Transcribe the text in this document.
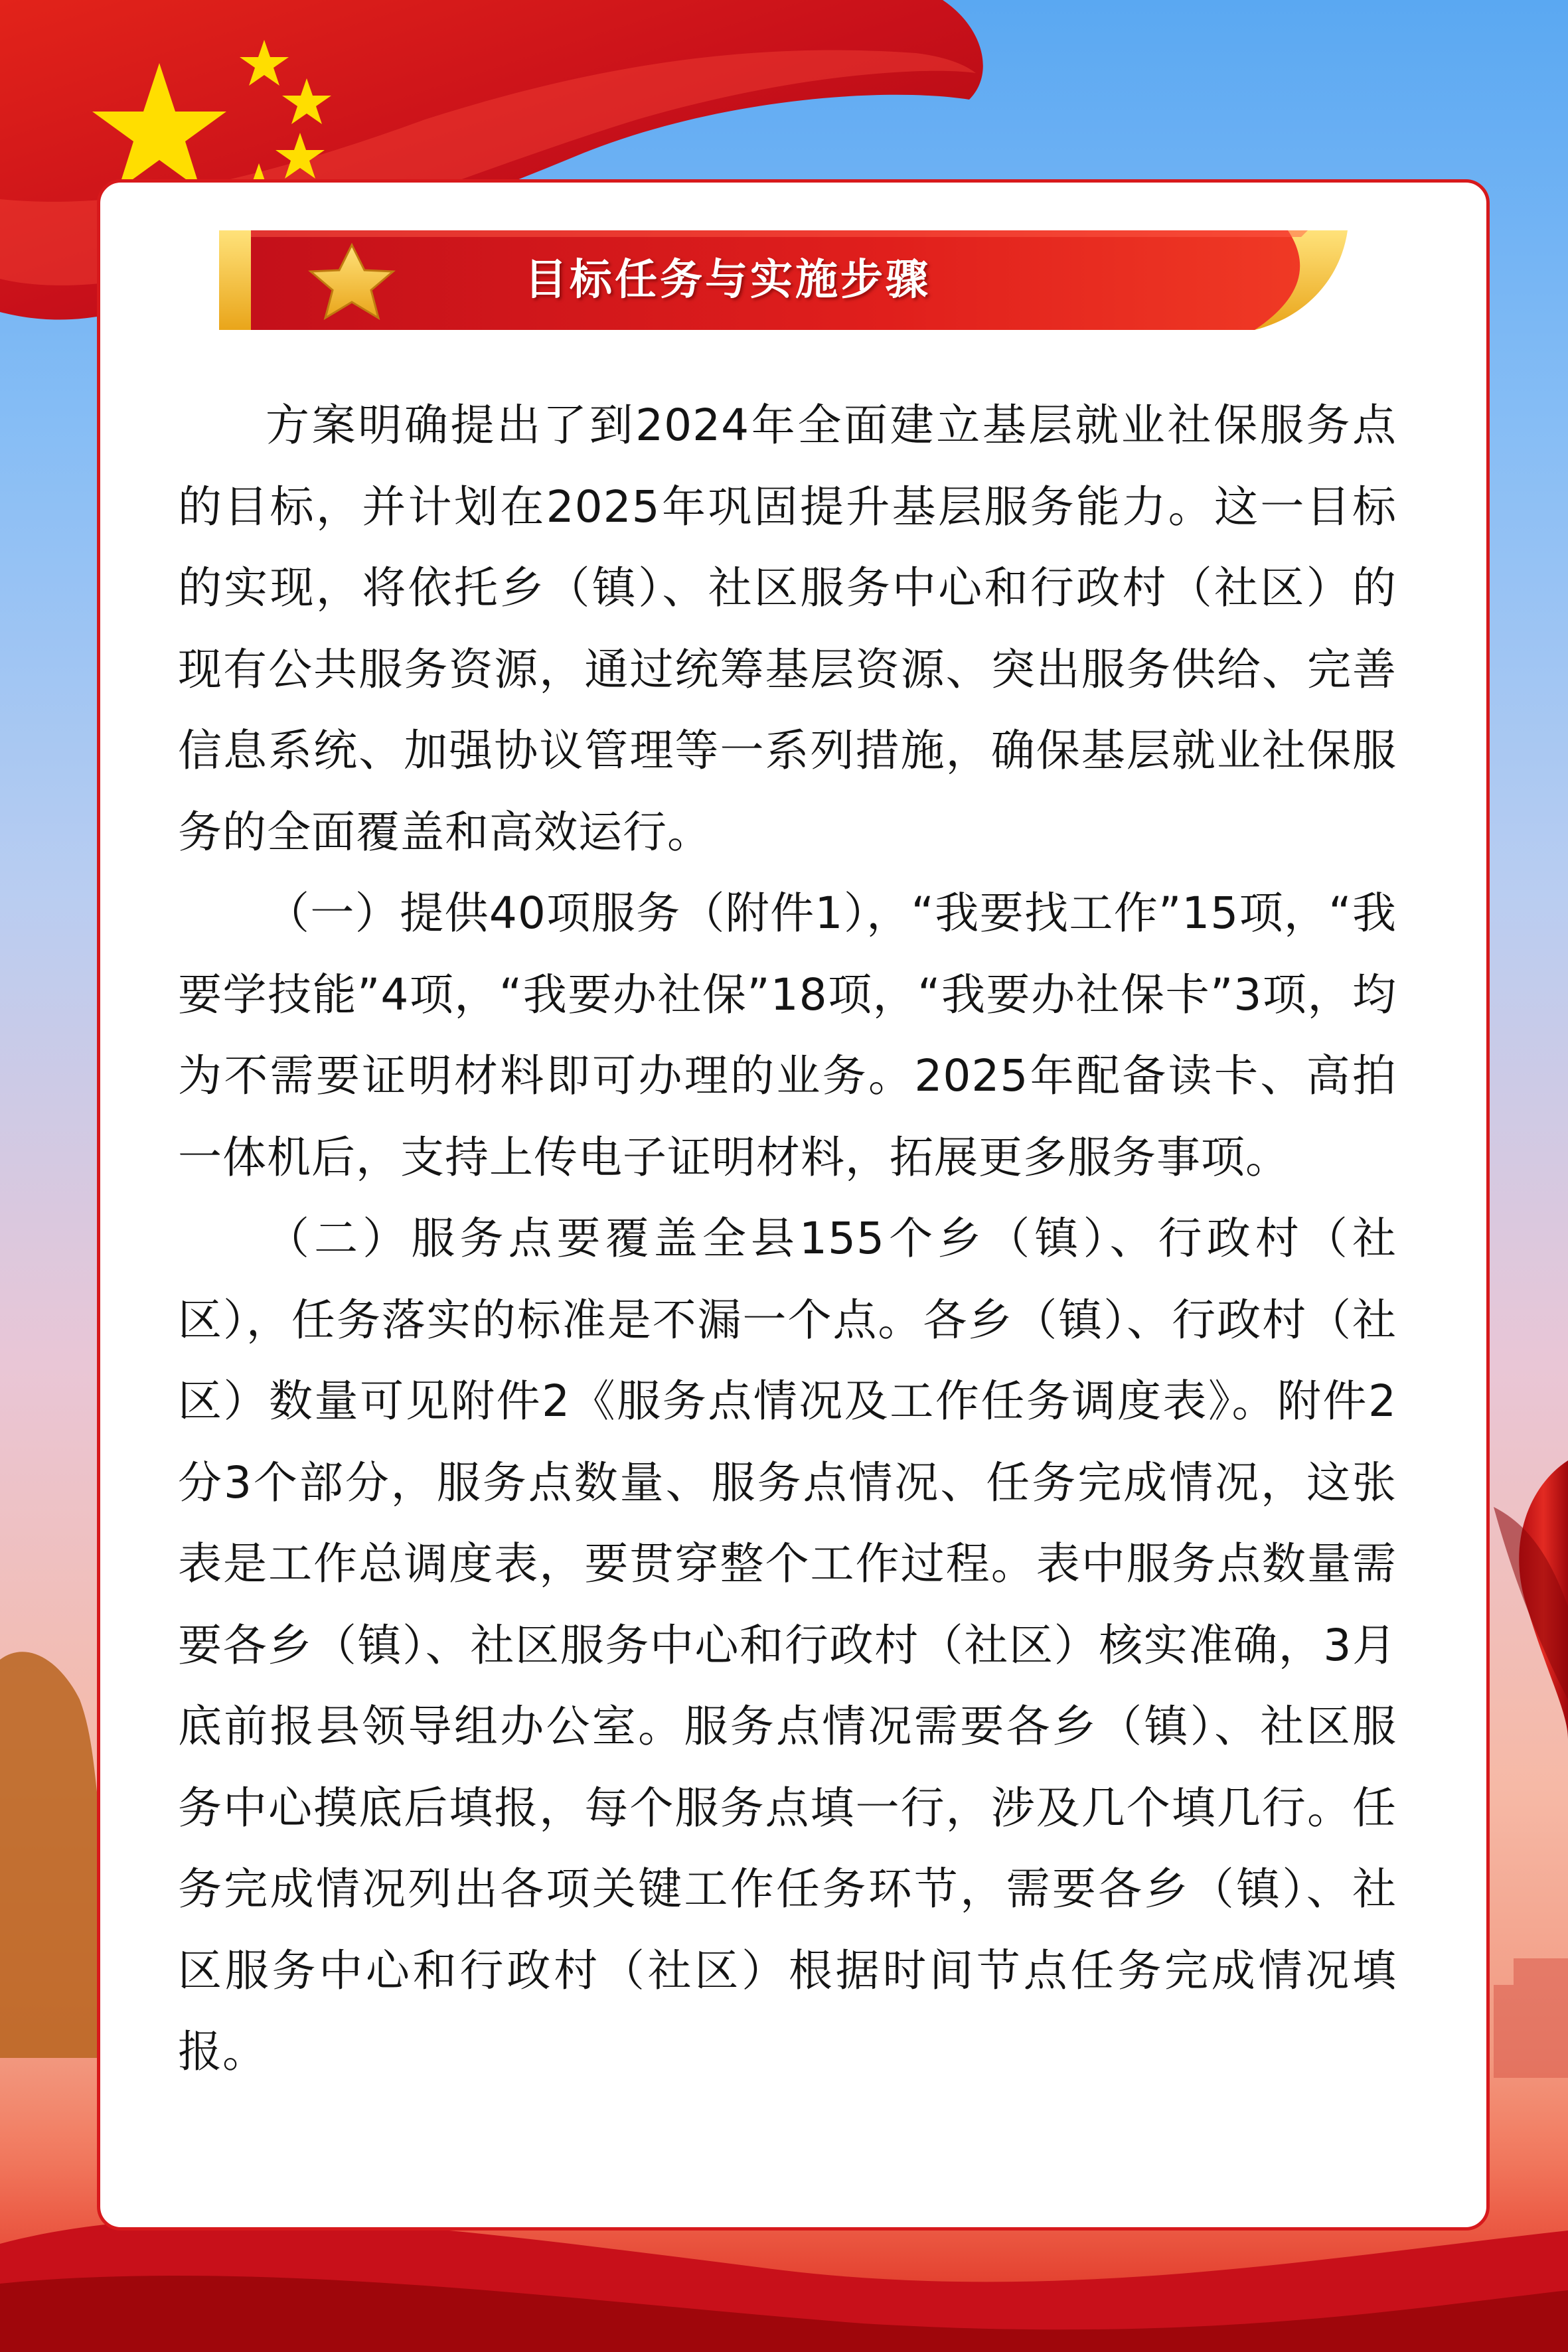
目标任务与实施步骤

方案明确提出了到2024年全面建立基层就业社保服务点的目标，并计划在2025年巩固提升基层服务能力。这一目标的实现，将依托乡（镇）、社区服务中心和行政村（社区）的现有公共服务资源，通过统筹基层资源、突出服务供给、完善信息系统、加强协议管理等一系列措施，确保基层就业社保服务的全面覆盖和高效运行。

（一）提供40项服务（附件1），“我要找工作”15项，“我要学技能”4项，“我要办社保”18项，“我要办社保卡”3项，均为不需要证明材料即可办理的业务。2025年配备读卡、高拍一体机后，支持上传电子证明材料，拓展更多服务事项。

（二）服务点要覆盖全县155个乡（镇）、行政村（社区），任务落实的标准是不漏一个点。各乡（镇）、行政村（社区）数量可见附件2《服务点情况及工作任务调度表》。附件2分3个部分，服务点数量、服务点情况、任务完成情况，这张表是工作总调度表，要贯穿整个工作过程。表中服务点数量需要各乡（镇）、社区服务中心和行政村（社区）核实准确，3月底前报县领导组办公室。服务点情况需要各乡（镇）、社区服务中心摸底后填报，每个服务点填一行，涉及几个填几行。任务完成情况列出各项关键工作任务环节，需要各乡（镇）、社区服务中心和行政村（社区）根据时间节点任务完成情况填报。
